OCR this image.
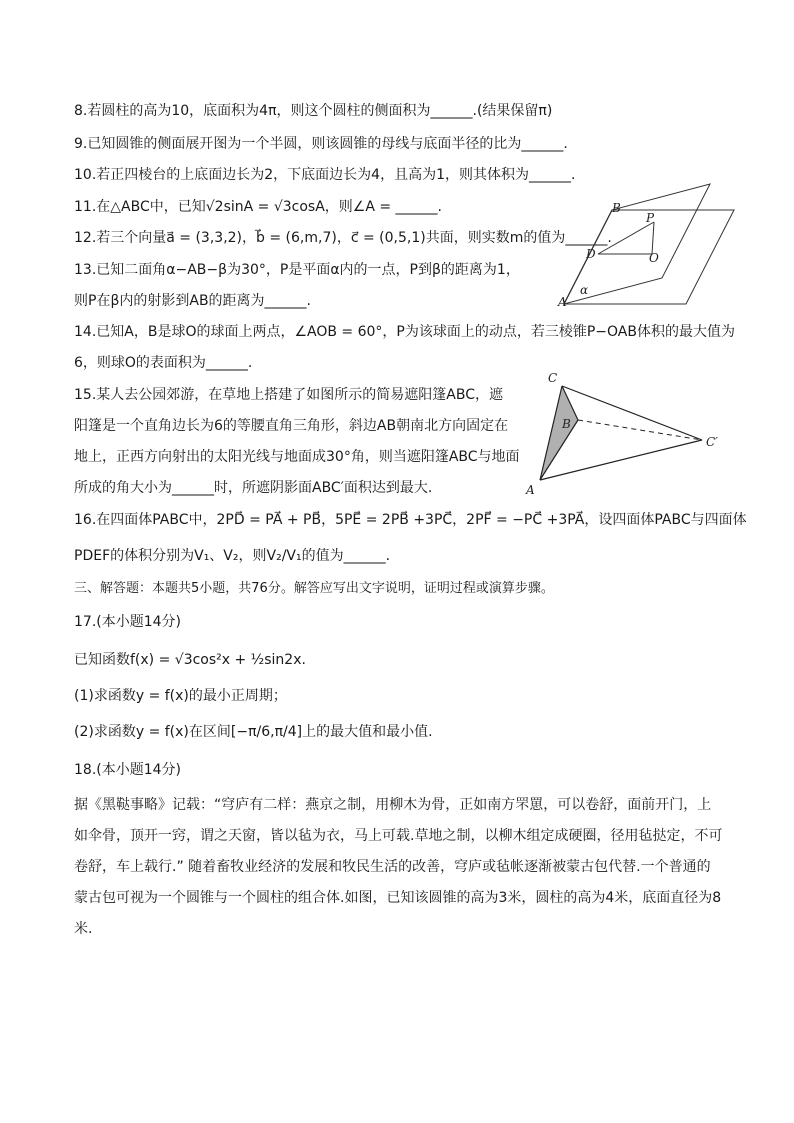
8.若圆柱的高为10，底面积为4π，则这个圆柱的侧面积为______.(结果保留π)
9.已知圆锥的侧面展开图为一个半圆，则该圆锥的母线与底面半径的比为______.
10.若正四棱台的上底面边长为2，下底面边长为4，且高为1，则其体积为______.
11.在△ABC中，已知√2sinA = √3cosA，则∠A = ______.
12.若三个向量a⃗ = (3,3,2)，b⃗ = (6,m,7)，c⃗ = (0,5,1)共面，则实数m的值为______.
13.已知二面角α−AB−β为30°，P是平面α内的一点，P到β的距离为1，
则P在β内的射影到AB的距离为______.
14.已知A，B是球O的球面上两点，∠AOB = 60°，P为该球面上的动点，若三棱锥P−OAB体积的最大值为
6，则球O的表面积为______.
15.某人去公园郊游，在草地上搭建了如图所示的简易遮阳篷ABC，遮
阳篷是一个直角边长为6的等腰直角三角形，斜边AB朝南北方向固定在
地上，正西方向射出的太阳光线与地面成30°角，则当遮阳篷ABC与地面
所成的角大小为______时，所遮阴影面ABC′面积达到最大.
16.在四面体PABC中，2PD⃗ = PA⃗ + PB⃗，5PE⃗ = 2PB⃗ +3PC⃗，2PF⃗ = −PC⃗ +3PA⃗，设四面体PABC与四面体
PDEF的体积分别为V₁、V₂，则V₂/V₁的值为______.
三、解答题：本题共5小题，共76分。解答应写出文字说明，证明过程或演算步骤。
17.(本小题14分)
已知函数f(x) = √3cos²x + ½sin2x.
(1)求函数y = f(x)的最小正周期；
(2)求函数y = f(x)在区间[−π/6,π/4]上的最大值和最小值.
18.(本小题14分)
据《黑鞑事略》记载：“穹庐有二样：燕京之制，用柳木为骨，正如南方罘罳，可以卷舒，面前开门，上如伞骨，顶开一窍，谓之天窗，皆以毡为衣，马上可载.草地之制，以柳木组定成硬圈，径用毡挞定，不可卷舒，车上载行.” 随着畜牧业经济的发展和牧民生活的改善，穹庐或毡帐逐渐被蒙古包代替.一个普通的蒙古包可视为一个圆锥与一个圆柱的组合体.如图，已知该圆锥的高为3米，圆柱的高为4米，底面直径为8米.
B
P
D	O
A
α
C
B
C′
A
